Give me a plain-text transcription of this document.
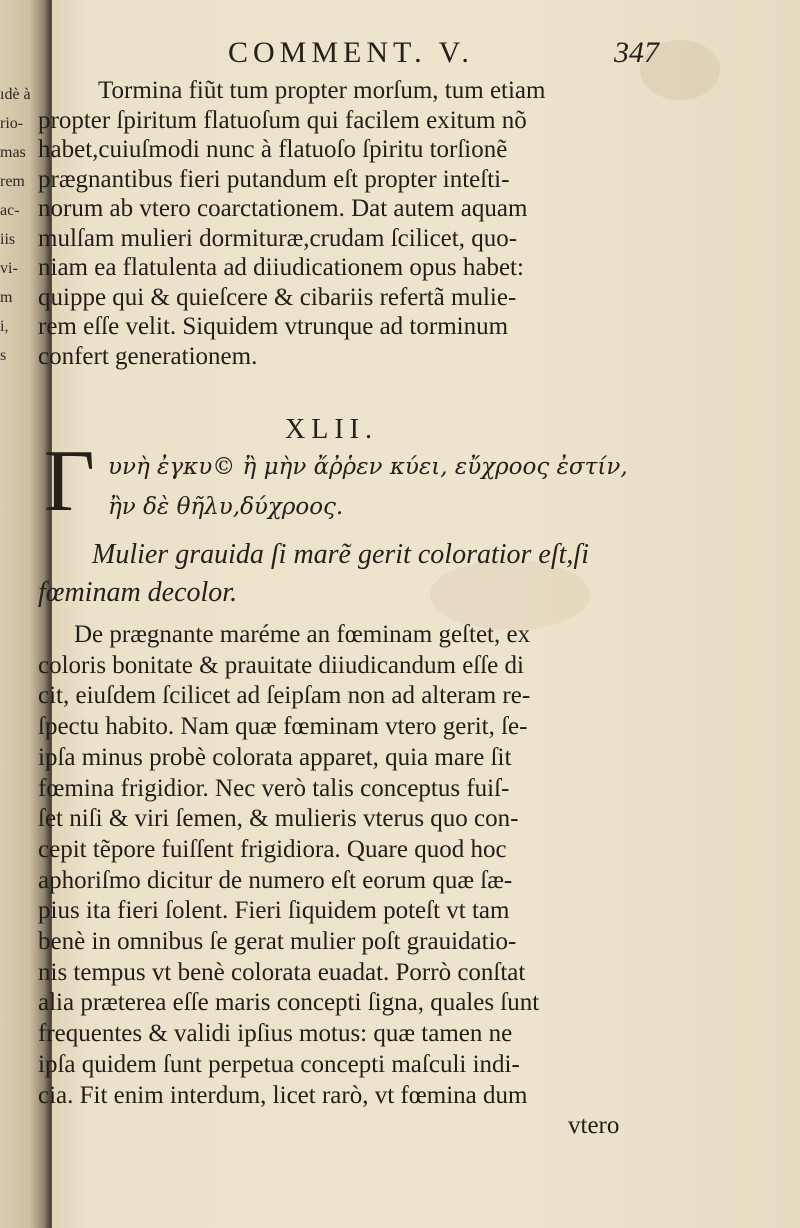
ıdè à
rio-
mas
rem
ac-
iis
vi-
m
i,
s
COMMENT. V.	347
Tormina fiũt tum propter morſum, tum etiam
propter ſpiritum flatuoſum qui facilem exitum nõ
habet,cuiuſmodi nunc à flatuoſo ſpiritu torſionẽ
prægnantibus fieri putandum eſt propter inteſti-
norum ab vtero coarctationem. Dat autem aquam
mulſam mulieri dormituræ,crudam ſcilicet, quo-
niam ea flatulenta ad diiudicationem opus habet:
quippe qui & quieſcere & cibariis refertã mulie-
rem eſſe velit. Siquidem vtrunque ad torminum
confert generationem.
XLII.
Γ υνὴ ἐγκυ© ἢ μὴν ἄῤῥεν κύει, εὔχροος ἐστίν,
ἢν δὲ θῆλυ,δύχροος.
Mulier grauida ſi marẽ gerit coloratior eſt,ſi
fœminam decolor.
De prægnante maréme an fœminam geſtet, ex
coloris bonitate & prauitate diiudicandum eſſe di
cit, eiuſdem ſcilicet ad ſeipſam non ad alteram re-
ſpectu habito. Nam quæ fœminam vtero gerit, ſe-
ipſa minus probè colorata apparet, quia mare ſit
fœmina frigidior. Nec verò talis conceptus fuiſ-
ſet niſi & viri ſemen, & mulieris vterus quo con-
cepit tẽpore fuiſſent frigidiora. Quare quod hoc
aphoriſmo dicitur de numero eſt eorum quæ ſæ-
pius ita fieri ſolent. Fieri ſiquidem poteſt vt tam
benè in omnibus ſe gerat mulier poſt grauidatio-
nis tempus vt benè colorata euadat. Porrò conſtat
alia præterea eſſe maris concepti ſigna, quales ſunt
frequentes & validi ipſius motus: quæ tamen ne
ipſa quidem ſunt perpetua concepti maſculi indi-
cia. Fit enim interdum, licet rarò, vt fœmina dum
vtero
